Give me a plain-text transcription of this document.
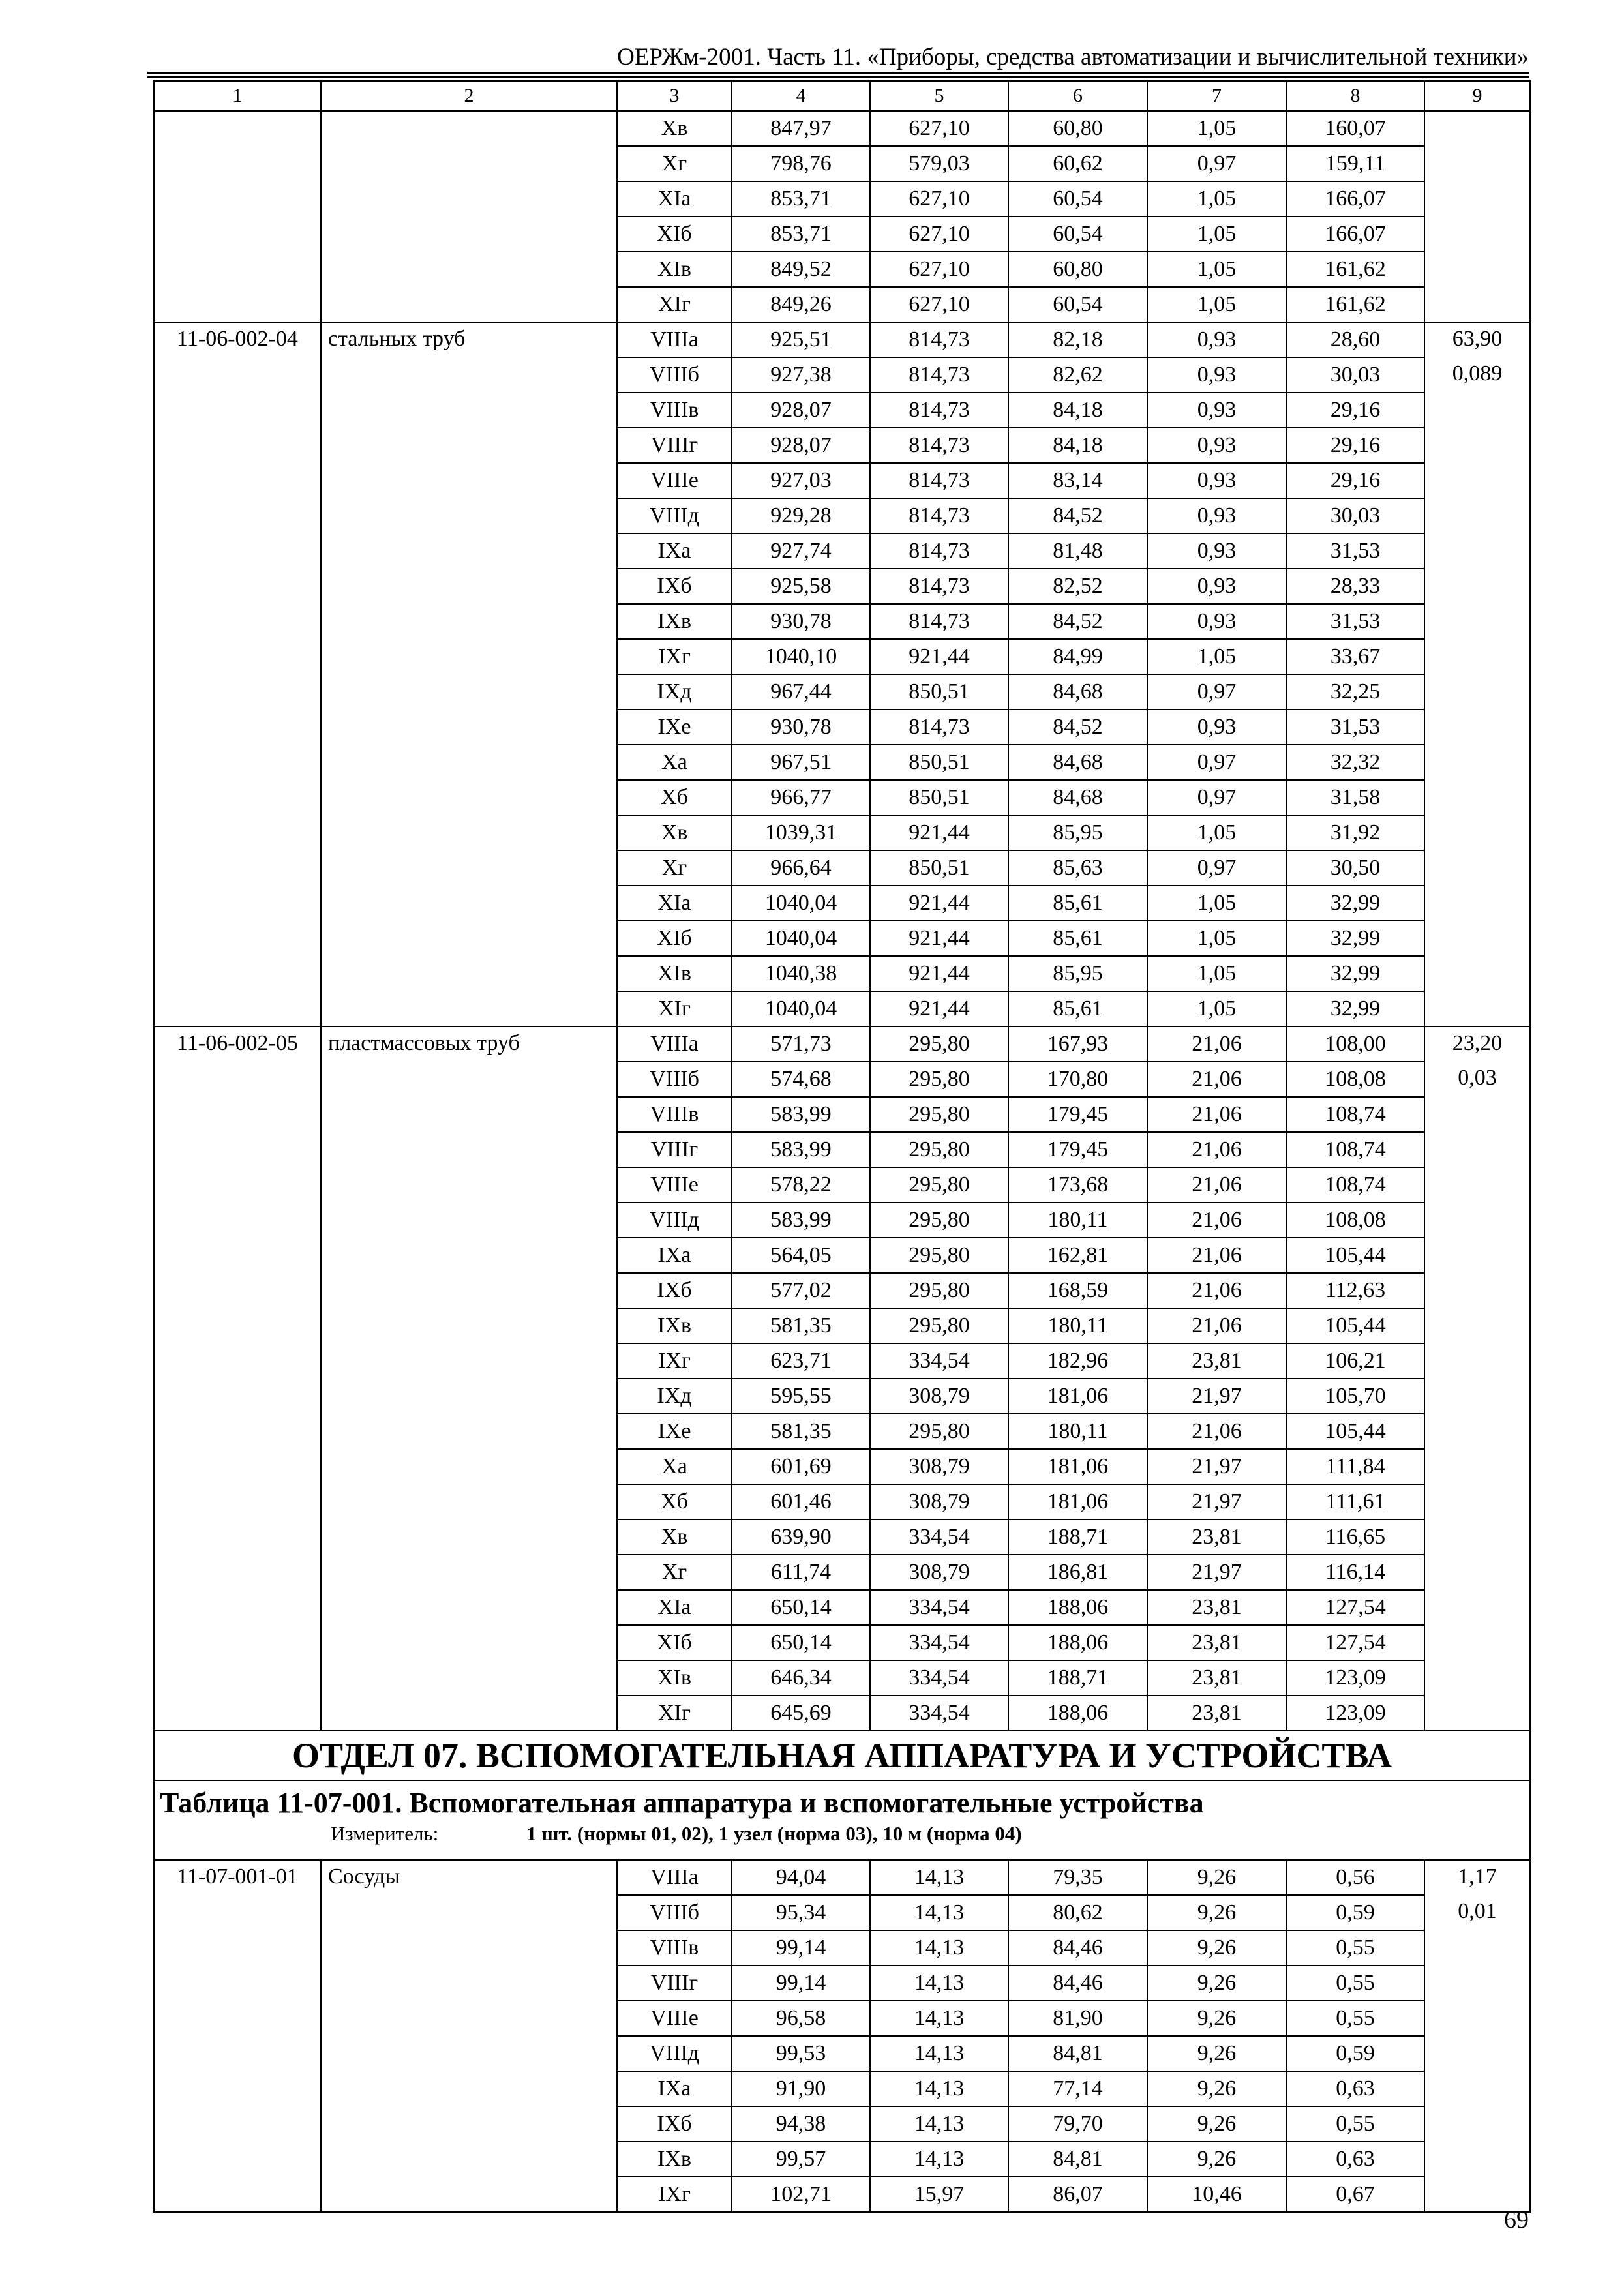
ОЕРЖм-2001. Часть 11. «Приборы, средства автоматизации и вычислительной техники»
1	2	3	4	5	6	7	8	9
		Хв	847,97	627,10	60,80	1,05	160,07	
		Хг	798,76	579,03	60,62	0,97	159,11	
		ХIа	853,71	627,10	60,54	1,05	166,07	
		ХIб	853,71	627,10	60,54	1,05	166,07	
		ХIв	849,52	627,10	60,80	1,05	161,62	
		ХIг	849,26	627,10	60,54	1,05	161,62	
11-06-002-04	стальных труб	VIIIа	925,51	814,73	82,18	0,93	28,60	63,90
		VIIIб	927,38	814,73	82,62	0,93	30,03	0,089
		VIIIв	928,07	814,73	84,18	0,93	29,16	
		VIIIг	928,07	814,73	84,18	0,93	29,16	
		VIIIе	927,03	814,73	83,14	0,93	29,16	
		VIIIд	929,28	814,73	84,52	0,93	30,03	
		IХа	927,74	814,73	81,48	0,93	31,53	
		IХб	925,58	814,73	82,52	0,93	28,33	
		IХв	930,78	814,73	84,52	0,93	31,53	
		IХг	1040,10	921,44	84,99	1,05	33,67	
		IХд	967,44	850,51	84,68	0,97	32,25	
		IХе	930,78	814,73	84,52	0,93	31,53	
		Ха	967,51	850,51	84,68	0,97	32,32	
		Хб	966,77	850,51	84,68	0,97	31,58	
		Хв	1039,31	921,44	85,95	1,05	31,92	
		Хг	966,64	850,51	85,63	0,97	30,50	
		ХIа	1040,04	921,44	85,61	1,05	32,99	
		ХIб	1040,04	921,44	85,61	1,05	32,99	
		ХIв	1040,38	921,44	85,95	1,05	32,99	
		ХIг	1040,04	921,44	85,61	1,05	32,99	
11-06-002-05	пластмассовых труб	VIIIа	571,73	295,80	167,93	21,06	108,00	23,20
		VIIIб	574,68	295,80	170,80	21,06	108,08	0,03
		VIIIв	583,99	295,80	179,45	21,06	108,74	
		VIIIг	583,99	295,80	179,45	21,06	108,74	
		VIIIе	578,22	295,80	173,68	21,06	108,74	
		VIIIд	583,99	295,80	180,11	21,06	108,08	
		IХа	564,05	295,80	162,81	21,06	105,44	
		IХб	577,02	295,80	168,59	21,06	112,63	
		IХв	581,35	295,80	180,11	21,06	105,44	
		IХг	623,71	334,54	182,96	23,81	106,21	
		IХд	595,55	308,79	181,06	21,97	105,70	
		IХе	581,35	295,80	180,11	21,06	105,44	
		Ха	601,69	308,79	181,06	21,97	111,84	
		Хб	601,46	308,79	181,06	21,97	111,61	
		Хв	639,90	334,54	188,71	23,81	116,65	
		Хг	611,74	308,79	186,81	21,97	116,14	
		ХIа	650,14	334,54	188,06	23,81	127,54	
		ХIб	650,14	334,54	188,06	23,81	127,54	
		ХIв	646,34	334,54	188,71	23,81	123,09	
		ХIг	645,69	334,54	188,06	23,81	123,09	
ОТДЕЛ 07. ВСПОМОГАТЕЛЬНАЯ АППАРАТУРА И УСТРОЙСТВА								

Таблица 11-07-001. Вспомогательная аппаратура и вспомогательные устройства
Измеритель: 1 шт. (нормы 01, 02), 1 узел (норма 03), 10 м (норма 04)								

11-07-001-01	Сосуды	VIIIа	94,04	14,13	79,35	9,26	0,56	1,17
		VIIIб	95,34	14,13	80,62	9,26	0,59	0,01
		VIIIв	99,14	14,13	84,46	9,26	0,55	
		VIIIг	99,14	14,13	84,46	9,26	0,55	
		VIIIе	96,58	14,13	81,90	9,26	0,55	
		VIIIд	99,53	14,13	84,81	9,26	0,59	
		IХа	91,90	14,13	77,14	9,26	0,63	
		IХб	94,38	14,13	79,70	9,26	0,55	
		IХв	99,57	14,13	84,81	9,26	0,63	
		IХг	102,71	15,97	86,07	10,46	0,67	
69
